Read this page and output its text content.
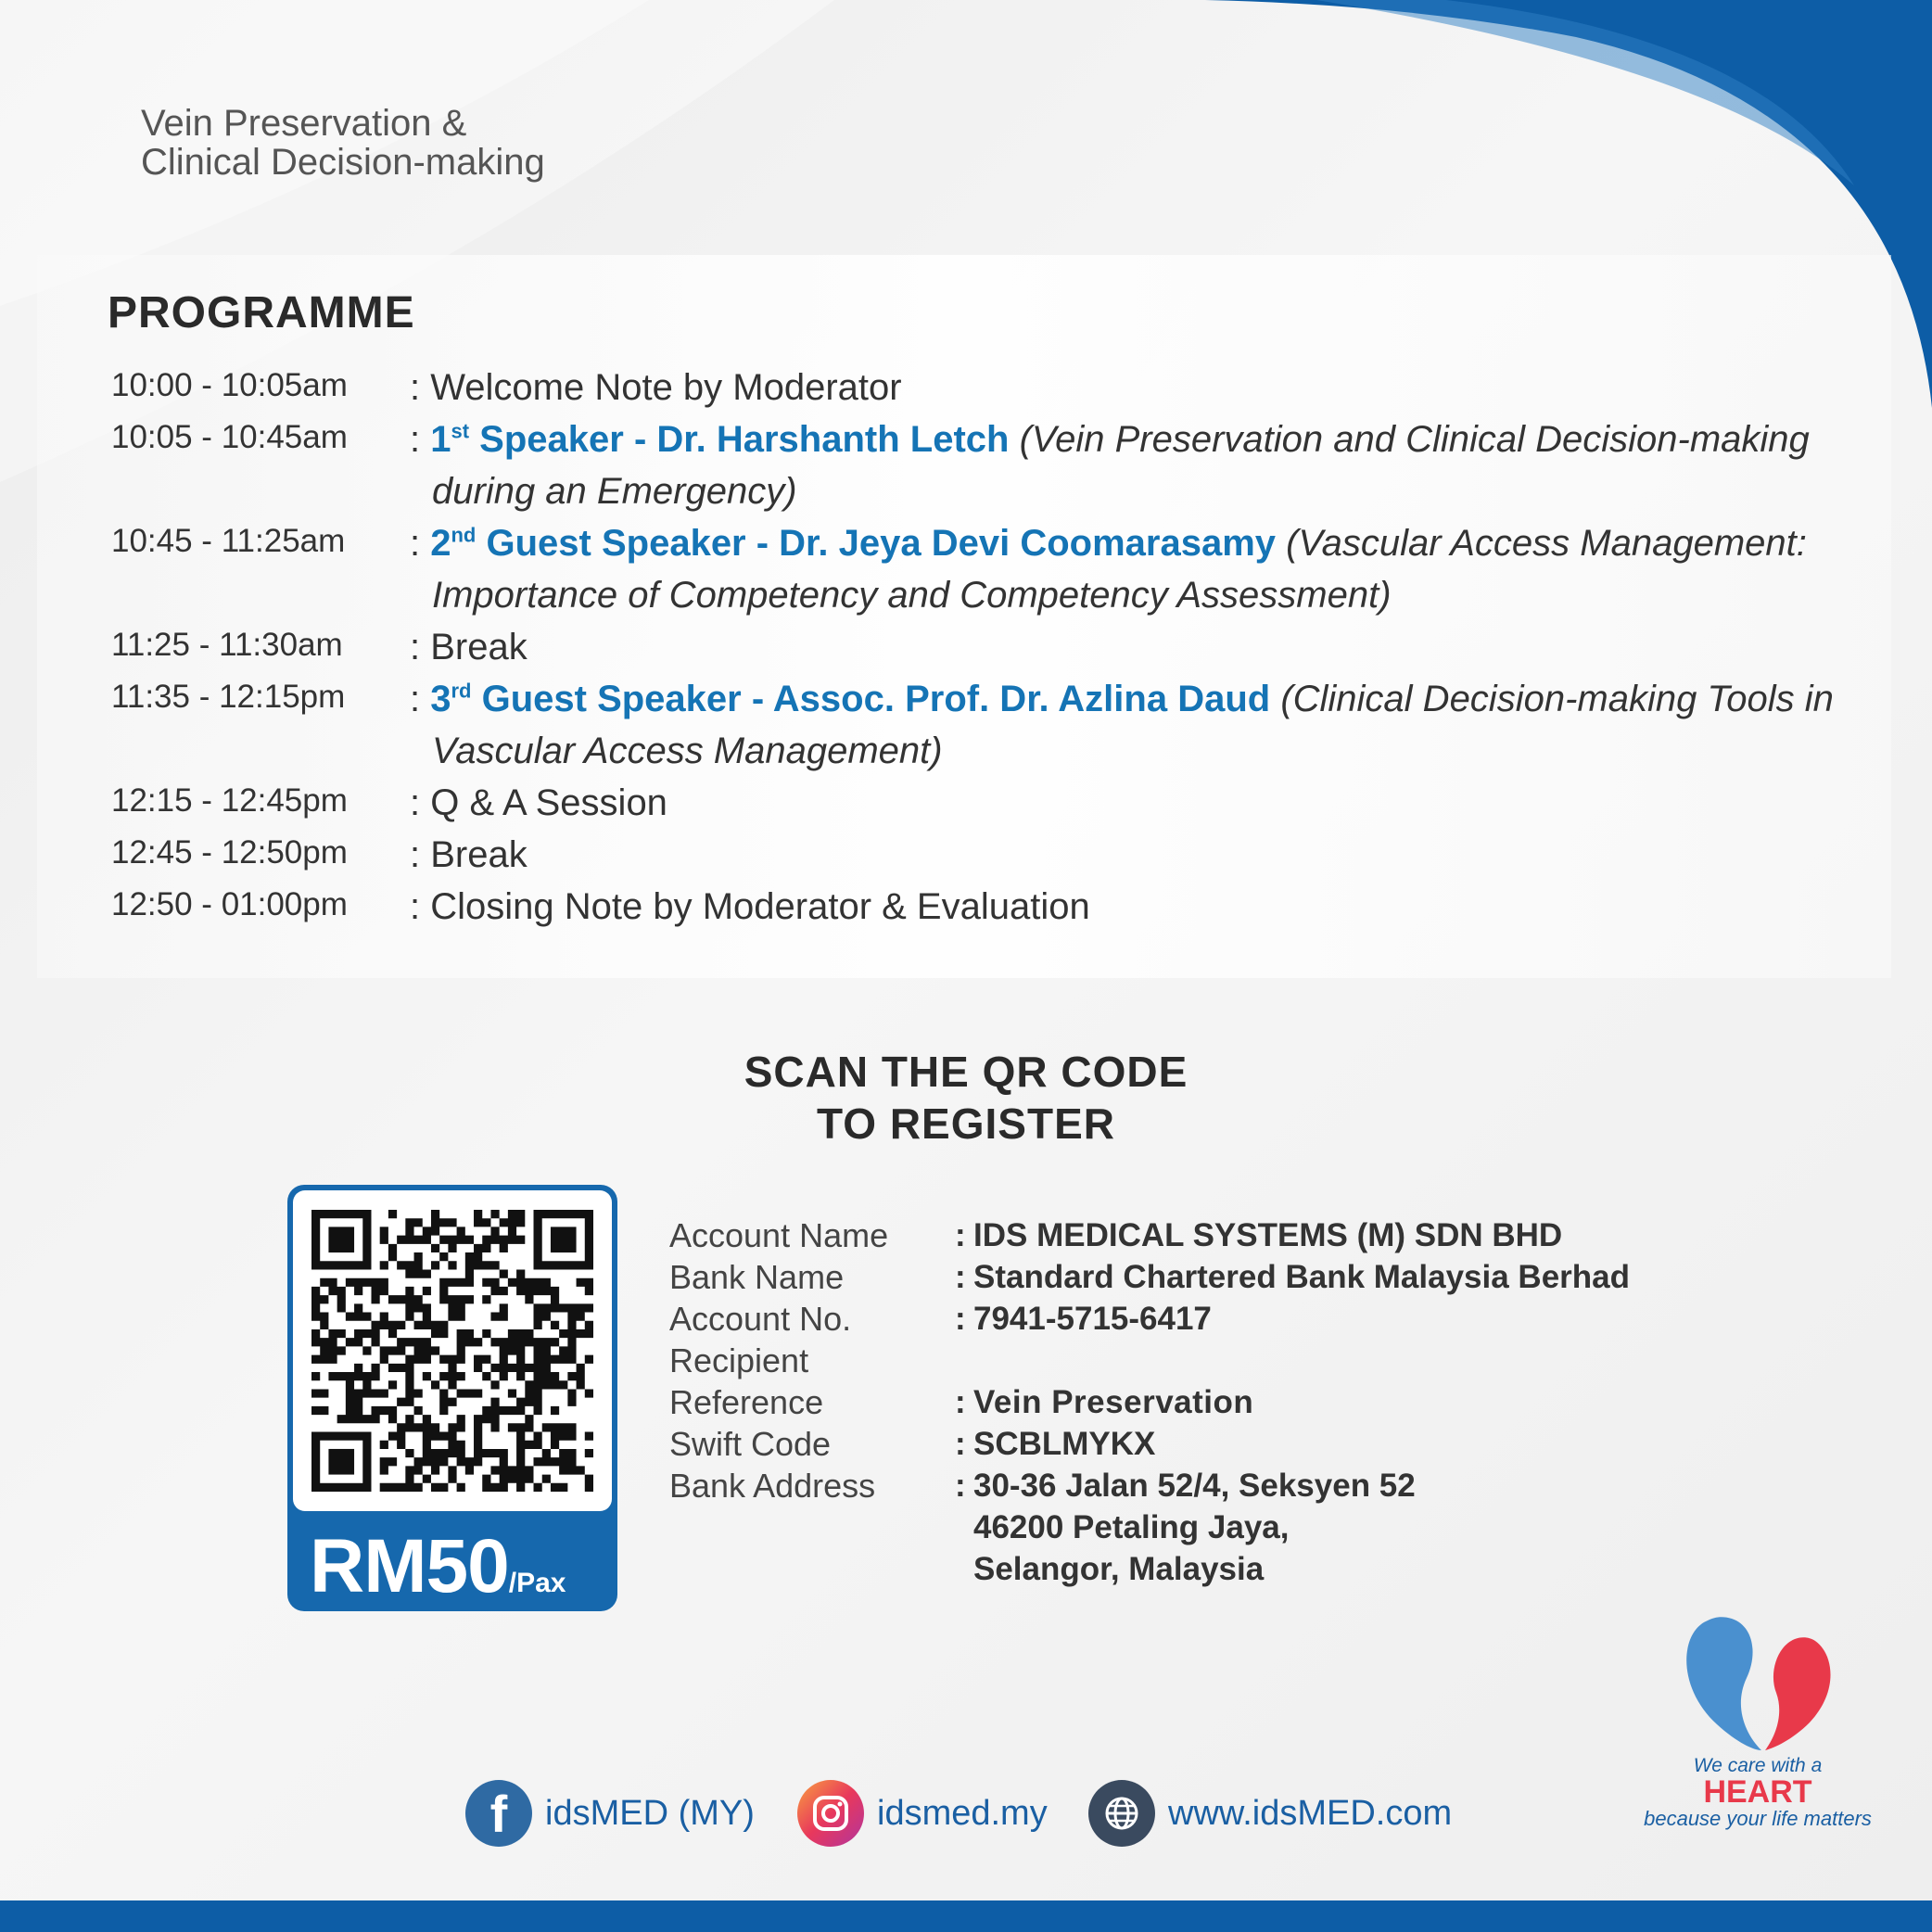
Vein Preservation &
Clinical Decision-making
PROGRAMME
10:00 - 10:05am	: Welcome Note by Moderator
10:05 - 10:45am	: 1st Speaker - Dr. Harshanth Letch (Vein Preservation and Clinical Decision-making during an Emergency)
10:45 - 11:25am	: 2nd Guest Speaker - Dr. Jeya Devi Coomarasamy (Vascular Access Management: Importance of Competency and Competency Assessment)
11:25 - 11:30am	: Break
11:35 - 12:15pm	: 3rd Guest Speaker - Assoc. Prof. Dr. Azlina Daud (Clinical Decision-making Tools in Vascular Access Management)
12:15 - 12:45pm	: Q & A Session
12:45 - 12:50pm	: Break
12:50 - 01:00pm	: Closing Note by Moderator & Evaluation
SCAN THE QR CODE
TO REGISTER
RM50/Pax
Account Name	: IDS MEDICAL SYSTEMS (M) SDN BHD
Bank Name	: Standard Chartered Bank Malaysia Berhad
Account No.	: 7941-5715-6417
Recipient
Reference	: Vein Preservation
Swift Code	: SCBLMYKX
Bank Address	: 30-36 Jalan 52/4, Seksyen 52
46200 Petaling Jaya,
Selangor, Malaysia
f	idsMED (MY)	idsmed.my	www.idsMED.com
We care with a
HEART
because your life matters
